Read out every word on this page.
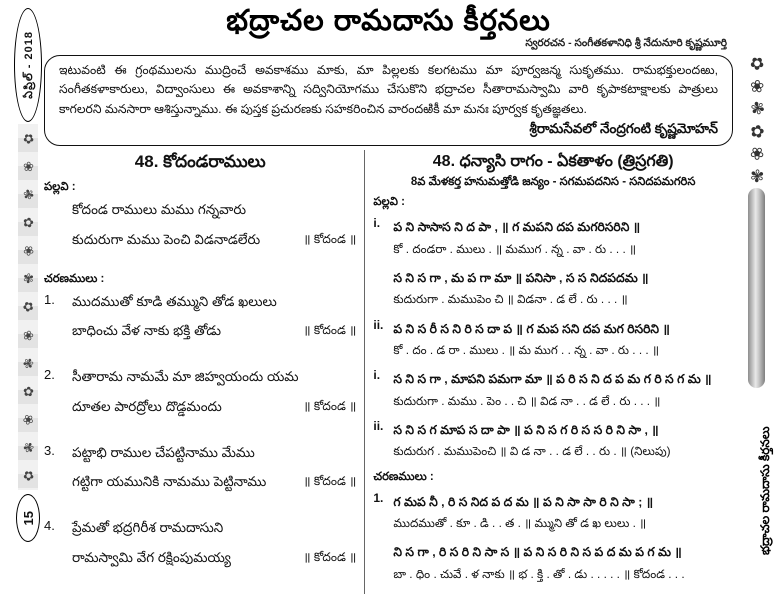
ఏప్రిల్ - 2018
✿
❀
✾
✿
❀
✾
✿
❀
✾
✿
❀
✾
✿
15
✿
❀
✾
✿
❀
✾
భద్రాచల రామదాసు కీర్తనలు
భద్రాచల రామదాసు కీర్తనలు
స్వరరచన - సంగీతకళానిధి శ్రీ నేదునూరి కృష్ణమూర్తి
ఇటువంటి ఈ గ్రంథములను ముద్రించే అవకాశము మాకు, మా పిల్లలకు కలగటము మా పూర్వజన్మ సుకృతము. రామభక్తులందఱు, సంగీతకళాకారులు, విద్వాంసులు ఈ అవకాశాన్ని సద్వినియోగము చేసుకొని భద్రాచల సీతారామస్వామి వారి కృపాకటాక్షాలకు పాత్రులు కాగలరని మనసారా ఆశిస్తున్నాము. ఈ పుస్తక ప్రచురణకు సహకరించిన వారందఱికీ మా మనః పూర్వక కృతజ్ఞతలు.
శ్రీరామసేవలో నేంద్రగంటి కృష్ణమోహన్
48. కోదండరాములు
పల్లవి :
కోదండ రాములు మము గన్నవారు
కుదురుగా మము పెంచి విడనాడలేరు	॥ కోదండ ॥
చరణములు :
1.	ముదముతో కూడి తమ్ముని తోడ ఖలులు
బాధించు వేళ నాకు భక్తి తోడు	॥ కోదండ ॥
2.	సీతారామ నామమే మా జిహ్వయందు యమ
దూతల పారద్రోలు దొడ్డమందు	॥ కోదండ ॥
3.	పట్టాభి రాముల చేపట్టినాము మేము
గట్టిగా యమునికి నామము పెట్టినాము	॥ కోదండ ॥
4.	ప్రేమతో భద్రగిరీశ రామదాసుని
రామస్వామి వేగ రక్షింపుమయ్య	॥ కోదండ ॥
48. ధన్యాసి రాగం - ఏకతాళం (త్రిస్రగతి)
8వ మేళకర్త హనుమత్తోడి జన్యం - సగమపదనిస - సనిదపమగరిస
పల్లవి :
i.	ప ని సాసాస ని ద పా , ॥ గ మపని దప మగరిసరిని ॥
కో . దండరా . ములు . ॥ మముగ . న్న . వా . రు . . . ॥
స ని స గా , మ ప గా మా ॥ పనిసా , స స నిదపదమ ॥
కుదురుగా . మముపెం చి ॥ విడనా . డ లే . రు . . . ॥
ii. ప ని స రీ స ని రి స దా ప ॥ గ మప సని దప మగ రిసరిని ॥
కో . దం . డ రా . ములు . ॥ మ ముగ . . న్న . వా . రు . . . ॥
i.	స ని స గా , మాపని పమగా మా ॥ ప రి స ని ద ప మ గ రి స గ మ ॥
కుదురుగా . మము . పెం . . చి ॥ విడ నా . . డ లే . రు . . . ॥
ii. స ని స గ మాప స దా పా ॥ ప ని స గ రి స స రి ని సా , ॥
కుదురుగ . మముపెంచి ॥ వి డ నా . . డ లే . . రు . ॥ (నిలుపు)
చరణములు :
1. గ మప నీ , రి స నిద ప ద మ ॥ ప ని సా సా రి ని సా ; ॥
ముదముతో . కూ . డి . . త . ॥ మ్ముని తో డ ఖ లులు . ॥
ని స గా , రి స రి ని సా స ॥ ప ని స రి ని స ప ద మ ప గ మ ॥
బా . ధిం . చువే . ళ నాకు ॥ భ . క్తి . తో . డు . . . . . ॥ కోదండ . . .
